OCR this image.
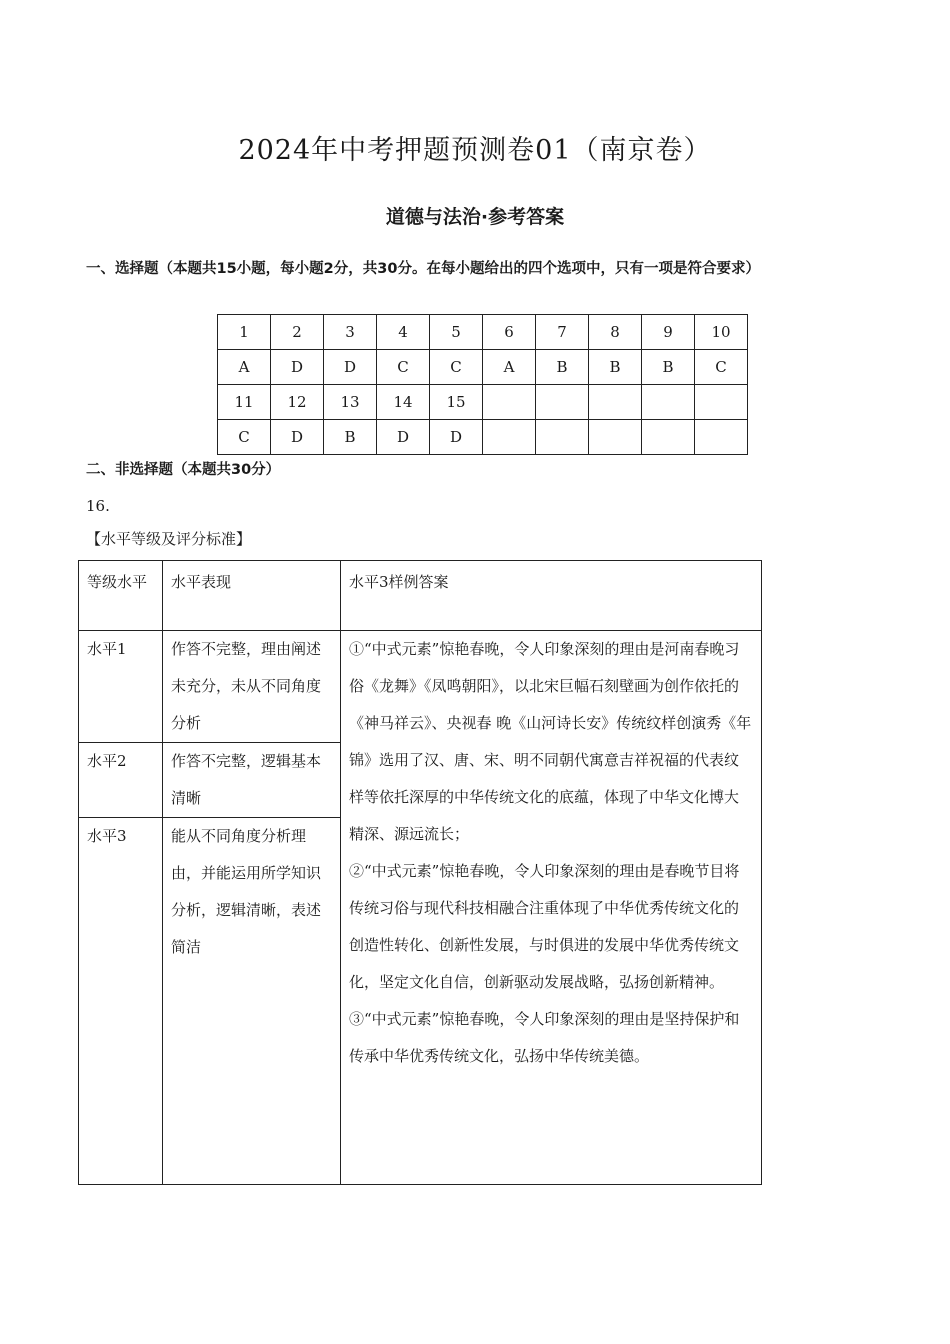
2024年中考押题预测卷01（南京卷）
道德与法治·参考答案
一、选择题（本题共15小题，每小题2分，共30分。在每小题给出的四个选项中，只有一项是符合要求）
1	2	3	4	5	6	7	8	9	10
A	D	D	C	C	A	B	B	B	C
11	12	13	14	15					
C	D	B	D	D					
二、非选择题（本题共30分）
16.
【水平等级及评分标准】
等级水平	水平表现	水平3样例答案
水平1	作答不完整，理由阐述未充分，未从不同角度分析	①“中式元素”惊艳春晚，令人印象深刻的理由是河南春晚习俗《龙舞》《凤鸣朝阳》，以北宋巨幅石刻壁画为创作依托的《神马祥云》、央视春 晚《山河诗长安》传统纹样创演秀《年锦》选用了汉、唐、宋、明不同朝代寓意吉祥祝福的代表纹样等依托深厚的中华传统文化的底蕴，体现了中华文化博大精深、源远流长；

②“中式元素”惊艳春晚，令人印象深刻的理由是春晚节目将传统习俗与现代科技相融合注重体现了中华优秀传统文化的创造性转化、创新性发展，与时俱进的发展中华优秀传统文化，坚定文化自信，创新驱动发展战略，弘扬创新精神。

③“中式元素”惊艳春晚，令人印象深刻的理由是坚持保护和传承中华优秀传统文化，弘扬中华传统美德。

水平2	作答不完整，逻辑基本清晰	
水平3	能从不同角度分析理由，并能运用所学知识分析，逻辑清晰，表述简洁	
